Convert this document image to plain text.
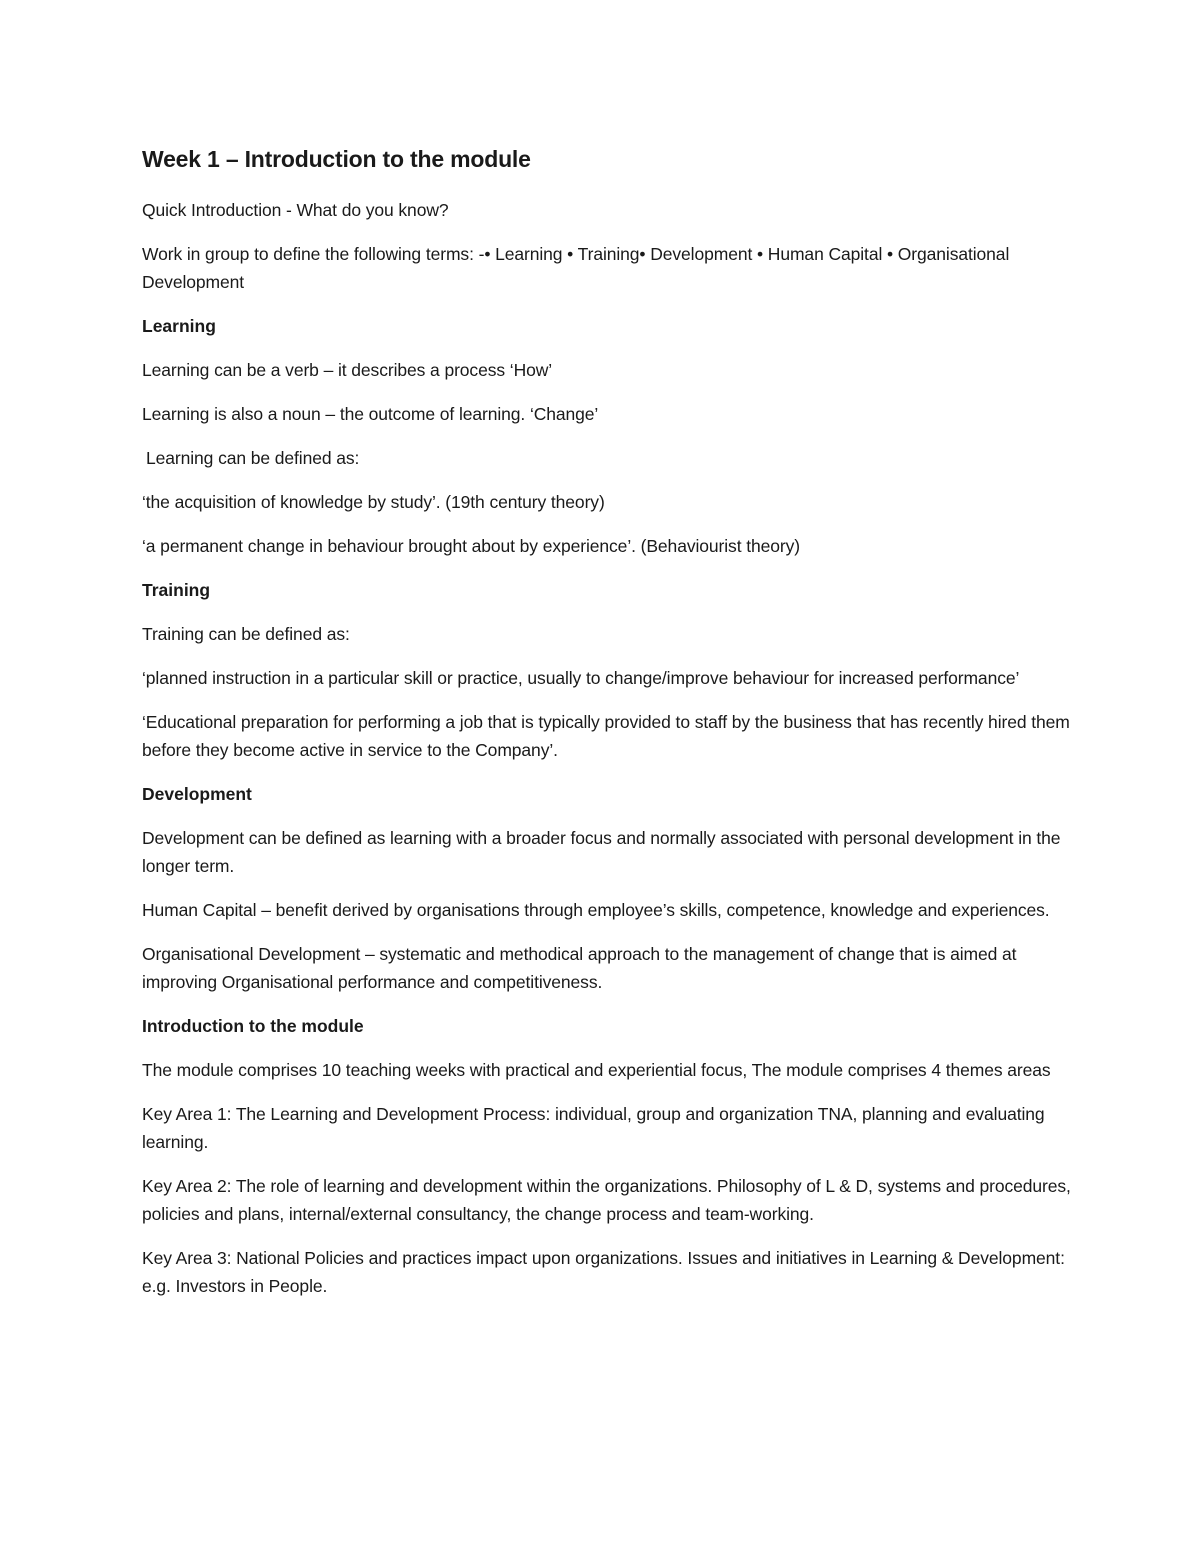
Week 1 – Introduction to the module
Quick Introduction - What do you know?
Work in group to define the following terms: -• Learning • Training• Development • Human Capital • Organisational Development
Learning
Learning can be a verb – it describes a process ‘How’
Learning is also a noun – the outcome of learning. ‘Change’
Learning can be defined as:
‘the acquisition of knowledge by study’. (19th century theory)
‘a permanent change in behaviour brought about by experience’. (Behaviourist theory)
Training
Training can be defined as:
‘planned instruction in a particular skill or practice, usually to change/improve behaviour for increased performance’
‘Educational preparation for performing a job that is typically provided to staff by the business that has recently hired them before they become active in service to the Company’.
Development
Development can be defined as learning with a broader focus and normally associated with personal development in the longer term.
Human Capital – benefit derived by organisations through employee’s skills, competence, knowledge and experiences.
Organisational Development – systematic and methodical approach to the management of change that is aimed at improving Organisational performance and competitiveness.
Introduction to the module
The module comprises 10 teaching weeks with practical and experiential focus, The module comprises 4 themes areas
Key Area 1: The Learning and Development Process: individual, group and organization TNA, planning and evaluating learning.
Key Area 2: The role of learning and development within the organizations. Philosophy of L & D, systems and procedures, policies and plans, internal/external consultancy, the change process and team-working.
Key Area 3: National Policies and practices impact upon organizations. Issues and initiatives in Learning & Development: e.g. Investors in People.
